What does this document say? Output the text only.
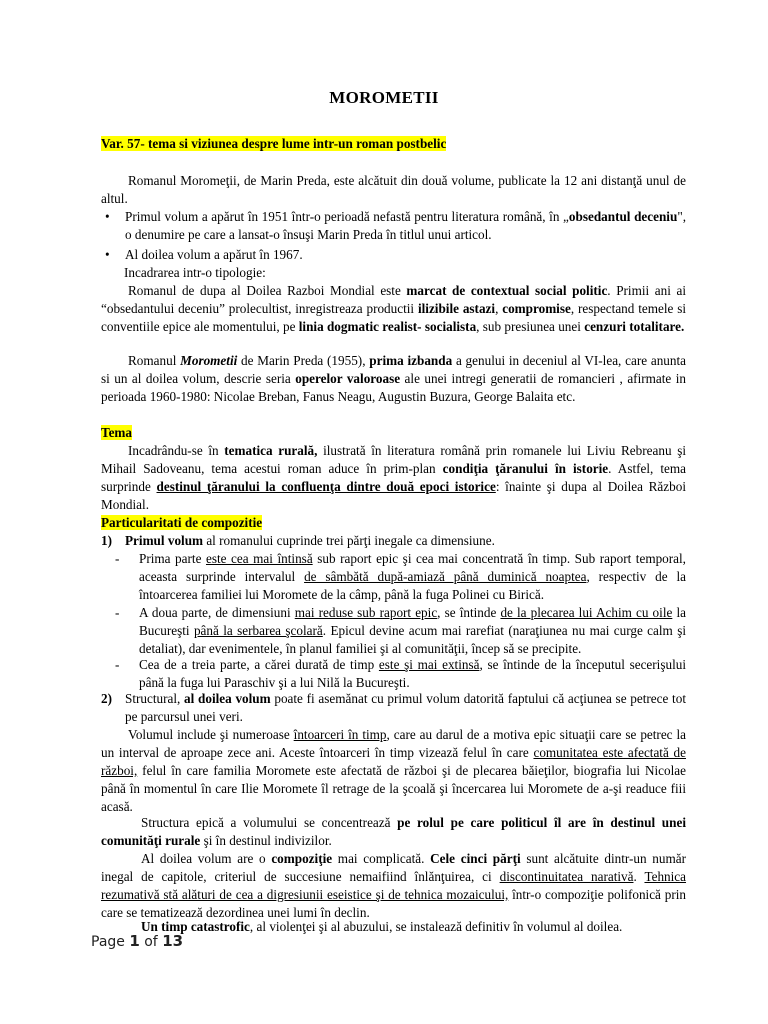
MOROMETII
Var. 57- tema si viziunea despre lume intr-un roman postbelic
Romanul Moromeţii, de Marin Preda, este alcătuit din două volume, publicate la 12 ani distanţă unul de altul.
• Primul volum a apărut în 1951 într-o perioadă nefastă pentru literatura română, în „obsedantul deceniu", o denumire pe care a lansat-o însuşi Marin Preda în titlul unui articol.

• Al doilea volum a apărut în 1967.

Incadrarea intr-o tipologie:
Romanul de dupa al Doilea Razboi Mondial este marcat de contextual social politic. Primii ani ai “obsedantului deceniu” prolecultist, inregistreaza productii ilizibile astazi, compromise, respectand temele si conventiile epice ale momentului, pe linia dogmatic realist- socialista, sub presiunea unei cenzuri totalitare.
Romanul Morometii de Marin Preda (1955), prima izbanda a genului in deceniul al VI-lea, care anunta si un al doilea volum, descrie seria operelor valoroase ale unei intregi generatii de romancieri , afirmate in perioada 1960-1980: Nicolae Breban, Fanus Neagu, Augustin Buzura, George Balaita etc.
Tema
Incadrându-se în tematica rurală, ilustrată în literatura română prin romanele lui Liviu Rebreanu şi Mihail Sadoveanu, tema acestui roman aduce în prim-plan condiţia ţăranului în istorie. Astfel, tema surprinde destinul ţăranului la confluenţa dintre două epoci istorice: înainte şi dupa al Doilea Război Mondial.
Particularitati de compozitie
1) Primul volum al romanului cuprinde trei părţi inegale ca dimensiune.

- Prima parte este cea mai întinsă sub raport epic şi cea mai concentrată în timp. Sub raport temporal, aceasta surprinde intervalul de sâmbătă după-amiază până duminică noaptea, respectiv de la întoarcerea familiei lui Moromete de la câmp, până la fuga Polinei cu Birică.

- A doua parte, de dimensiuni mai reduse sub raport epic, se întinde de la plecarea lui Achim cu oile la Bucureşti până la serbarea şcolară. Epicul devine acum mai rarefiat (naraţiunea nu mai curge calm şi detaliat), dar evenimentele, în planul familiei şi al comunităţii, încep să se precipite.

- Cea de a treia parte, a cărei durată de timp este şi mai extinsă, se întinde de la începutul secerişului până la fuga lui Paraschiv şi a lui Nilă la Bucureşti.

2) Structural, al doilea volum poate fi asemănat cu primul volum datorită faptului că acţiunea se petrece tot pe parcursul unei veri.

Volumul include şi numeroase întoarceri în timp, care au darul de a motiva epic situaţii care se petrec la un interval de aproape zece ani. Aceste întoarceri în timp vizează felul în care comunitatea este afectată de război, felul în care familia Moromete este afectată de război şi de plecarea băieţilor, biografia lui Nicolae până în momentul în care Ilie Moromete îl retrage de la şcoală şi încercarea lui Moromete de a-şi readuce fiii acasă.
Structura epică a volumului se concentrează pe rolul pe care politicul îl are în destinul unei comunităţi rurale şi în destinul indivizilor.
Al doilea volum are o compoziţie mai complicată. Cele cinci părţi sunt alcătuite dintr-un număr inegal de capitole, criteriul de succesiune nemaifiind înlănţuirea, ci discontinuitatea narativă. Tehnica rezumativă stă alături de cea a digresiunii eseistice şi de tehnica mozaicului, într-o compoziţie polifonică prin care se tematizează dezordinea unei lumi în declin.
Un timp catastrofic, al violenţei şi al abuzului, se instalează definitiv în volumul al doilea.
Page 1 of 13
